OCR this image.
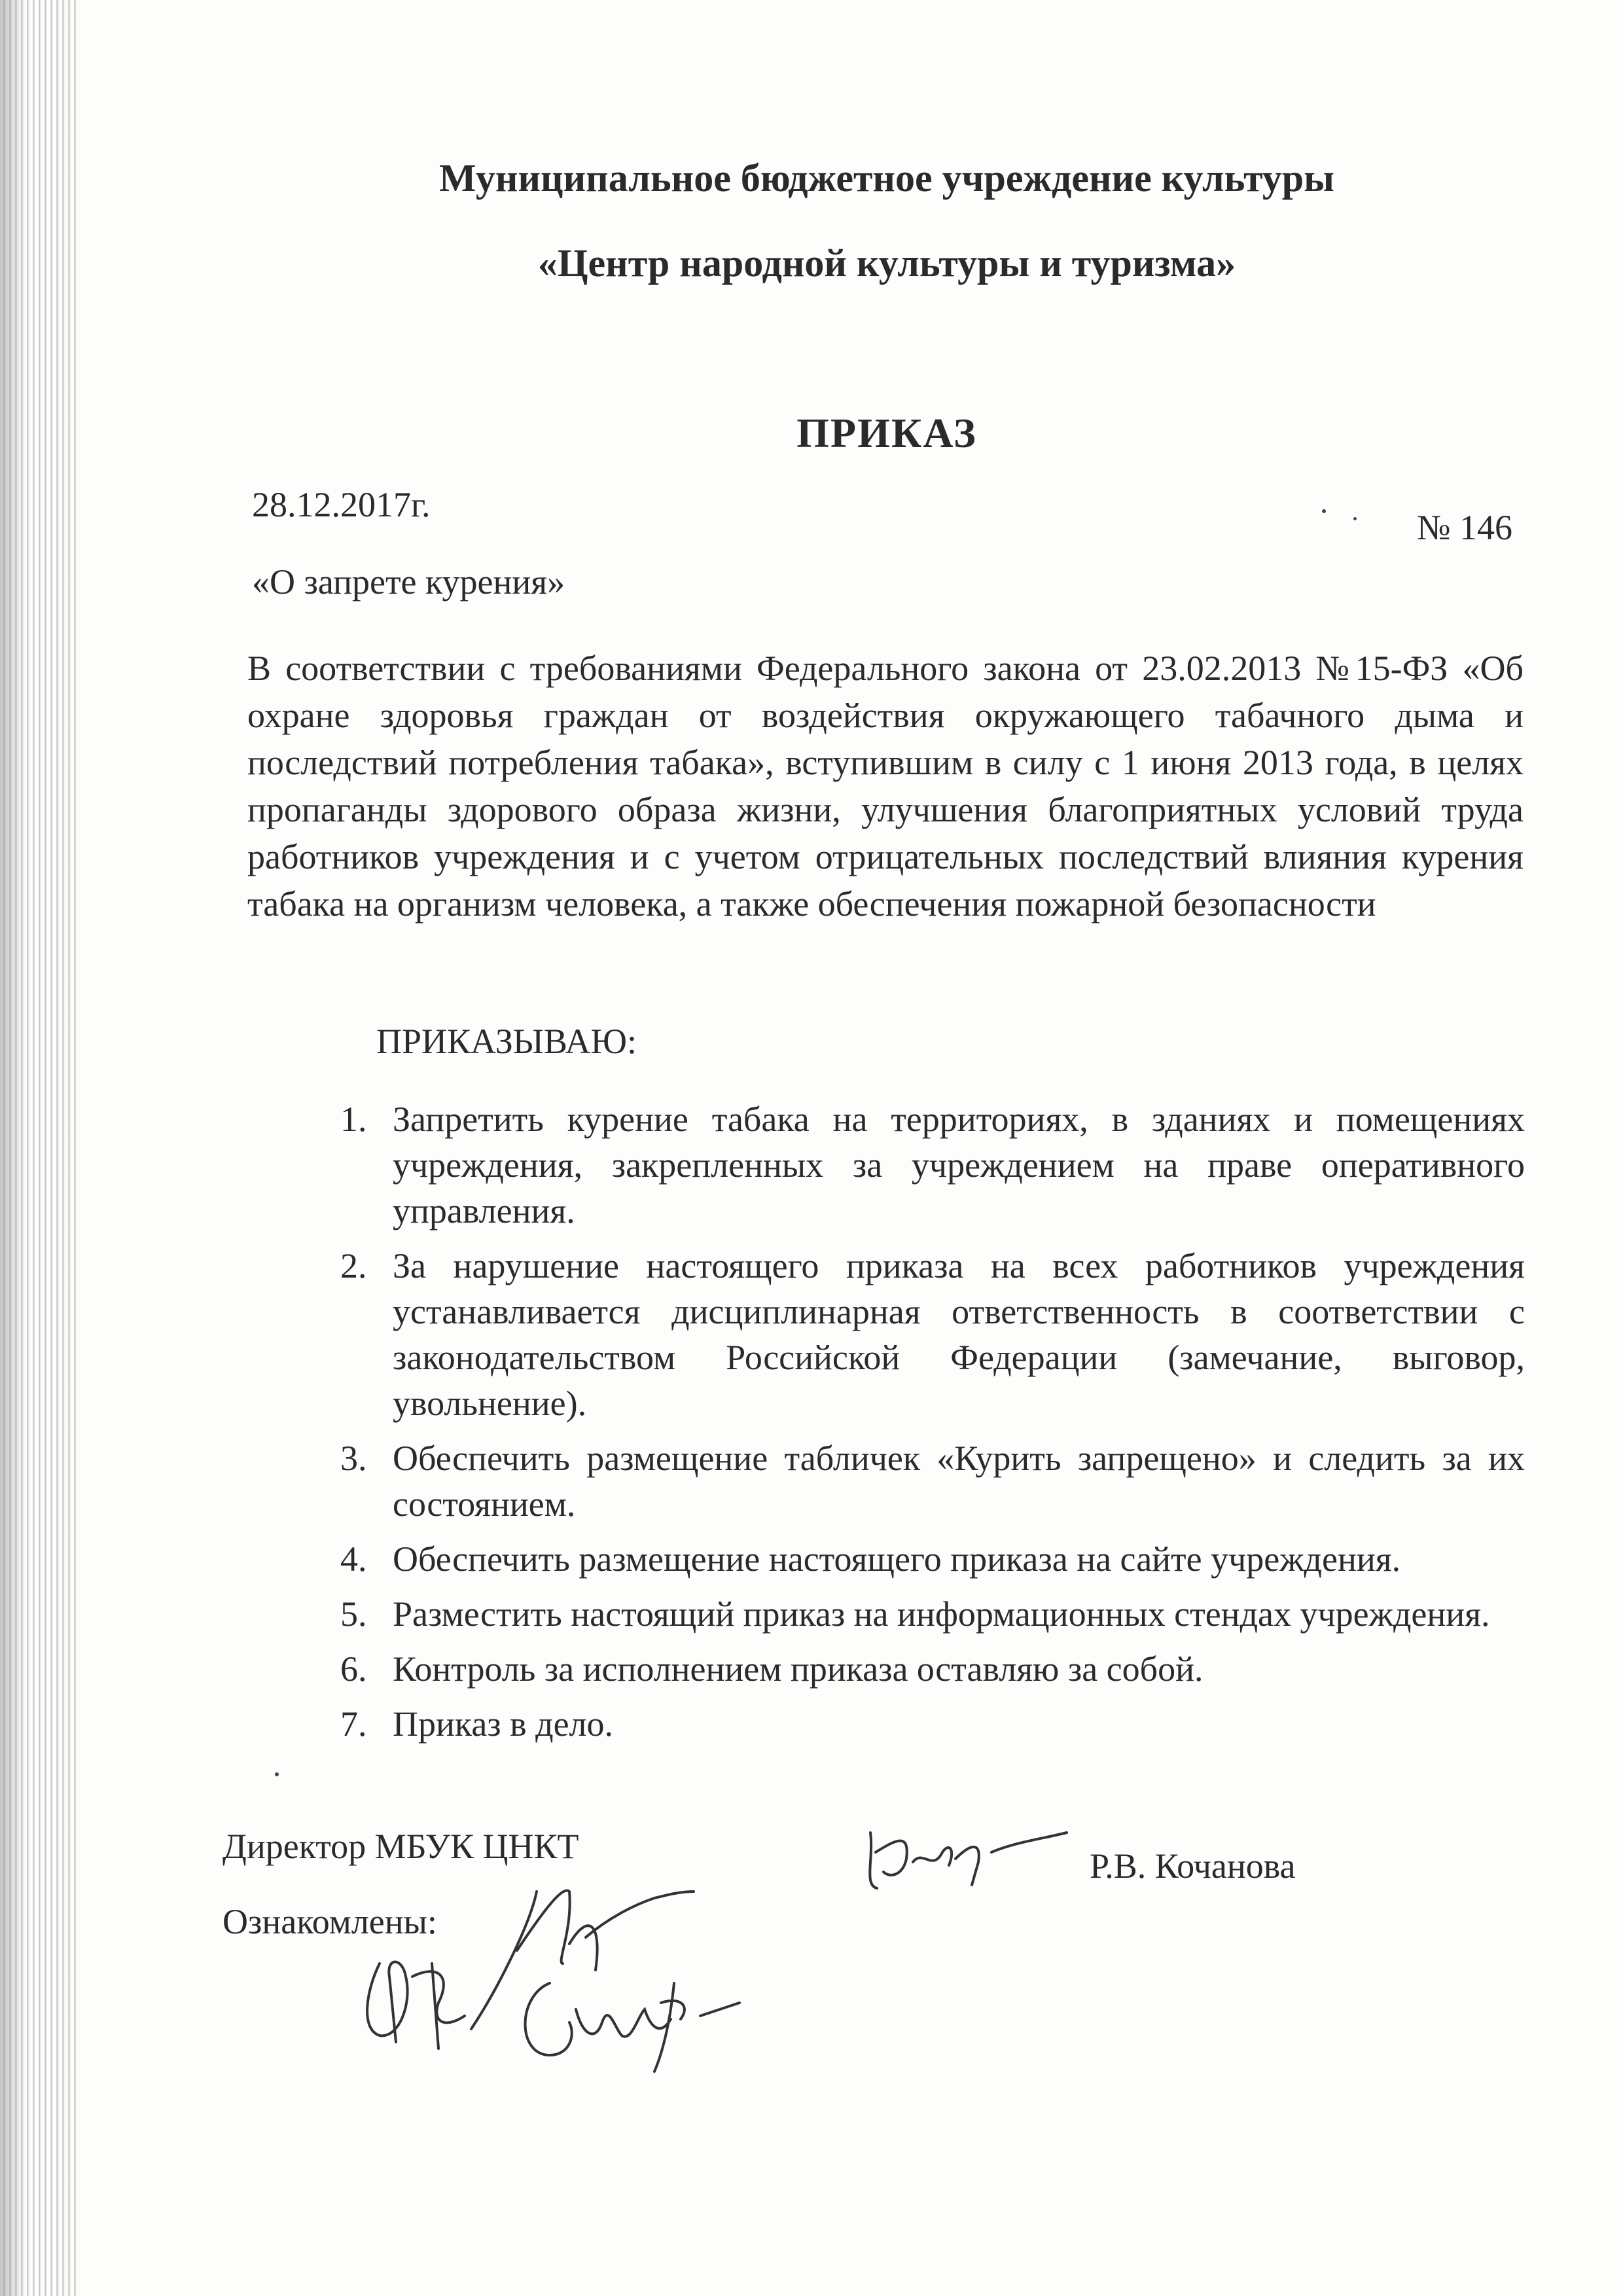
Муниципальное бюджетное учреждение культуры
«Центр народной культуры и туризма»
ПРИКАЗ
28.12.2017г.
№ 146
«О запрете курения»

В соответствии с требованиями Федерального закона от 23.02.2013 №15-ФЗ «Об охране здоровья граждан от воздействия окружающего табачного дыма и последствий потребления табака», вступившим в силу с 1 июня 2013 года, в целях пропаганды здорового образа жизни, улучшения благоприятных условий труда работников учреждения и с учетом отрицательных последствий влияния курения табака на организм человека, а также обеспечения пожарной безопасности

ПРИКАЗЫВАЮ:
1. Запретить курение табака на территориях, в зданиях и помещениях учреждения, закрепленных за учреждением на праве оперативного управления.
2. За нарушение настоящего приказа на всех работников учреждения устанавливается дисциплинарная ответственность в соответствии с законодательством Российской Федерации (замечание, выговор, увольнение).
3. Обеспечить размещение табличек «Курить запрещено» и следить за их состоянием.
4. Обеспечить размещение настоящего приказа на сайте учреждения.
5. Разместить настоящий приказ на информационных стендах учреждения.
6. Контроль за исполнением приказа оставляю за собой.
7. Приказ в дело.
Директор МБУК ЦНКТ	Р.В. Кочанова
Ознакомлены:
